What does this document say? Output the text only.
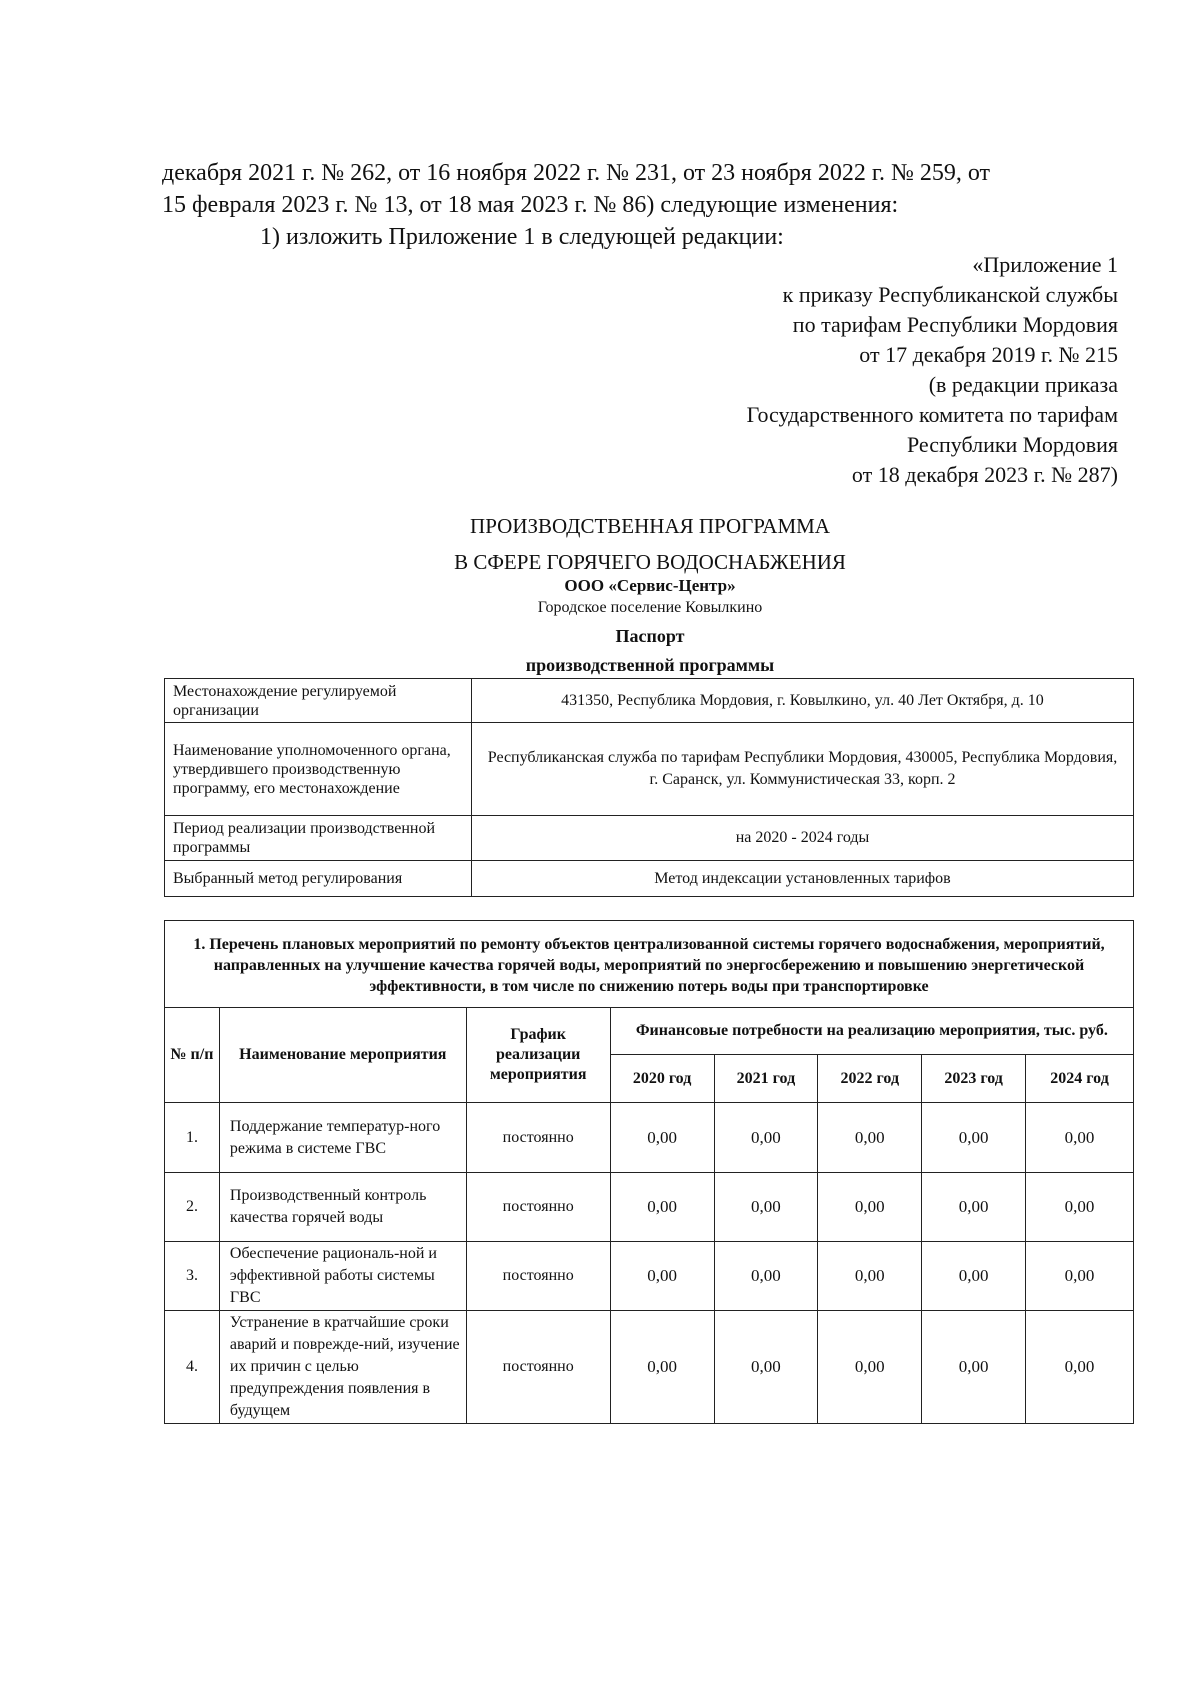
декабря 2021 г. № 262, от 16 ноября 2022 г. № 231, от 23 ноября 2022 г. № 259, от

15 февраля 2023 г. № 13, от 18 мая 2023 г. № 86) следующие изменения:

1) изложить Приложение 1 в следующей редакции:

«Приложение 1
к приказу Республиканской службы
по тарифам Республики Мордовия
от 17 декабря 2019 г. № 215
(в редакции приказа
Государственного комитета по тарифам
Республики Мордовия
от 18 декабря 2023 г. № 287)
ПРОИЗВОДСТВЕННАЯ ПРОГРАММА
В СФЕРЕ ГОРЯЧЕГО ВОДОСНАБЖЕНИЯ
ООО «Сервис-Центр»
Городское поселение Ковылкино
Паспорт
производственной программы
Местонахождение регулируемой организации	431350, Республика Мордовия, г. Ковылкино, ул. 40 Лет Октября, д. 10
Наименование уполномоченного органа, утвердившего производственную программу, его местонахождение	Республиканская служба по тарифам Республики Мордовия, 430005, Республика Мордовия, г. Саранск, ул. Коммунистическая 33, корп. 2
Период реализации производственной программы	на 2020 - 2024 годы
Выбранный метод регулирования	Метод индексации установленных тарифов
1. Перечень плановых мероприятий по ремонту объектов централизованной системы горячего водоснабжения, мероприятий, направленных на улучшение качества горячей воды, мероприятий по энергосбережению и повышению энергетической эффективности, в том числе по снижению потерь воды при транспортировке							
№ п/п	Наименование мероприятия	График реализации мероприятия	Финансовые потребности на реализацию мероприятия, тыс. руб.				
			2020 год	2021 год	2022 год	2023 год	2024 год
1.	Поддержание температур-ного режима в системе ГВС	постоянно	0,00	0,00	0,00	0,00	0,00
2.	Производственный контроль качества горячей воды	постоянно	0,00	0,00	0,00	0,00	0,00
3.	Обеспечение рациональ-ной и эффективной работы системы ГВС	постоянно	0,00	0,00	0,00	0,00	0,00
4.	Устранение в кратчайшие сроки аварий и поврежде-ний, изучение их причин с целью предупреждения появления в будущем	постоянно	0,00	0,00	0,00	0,00	0,00
